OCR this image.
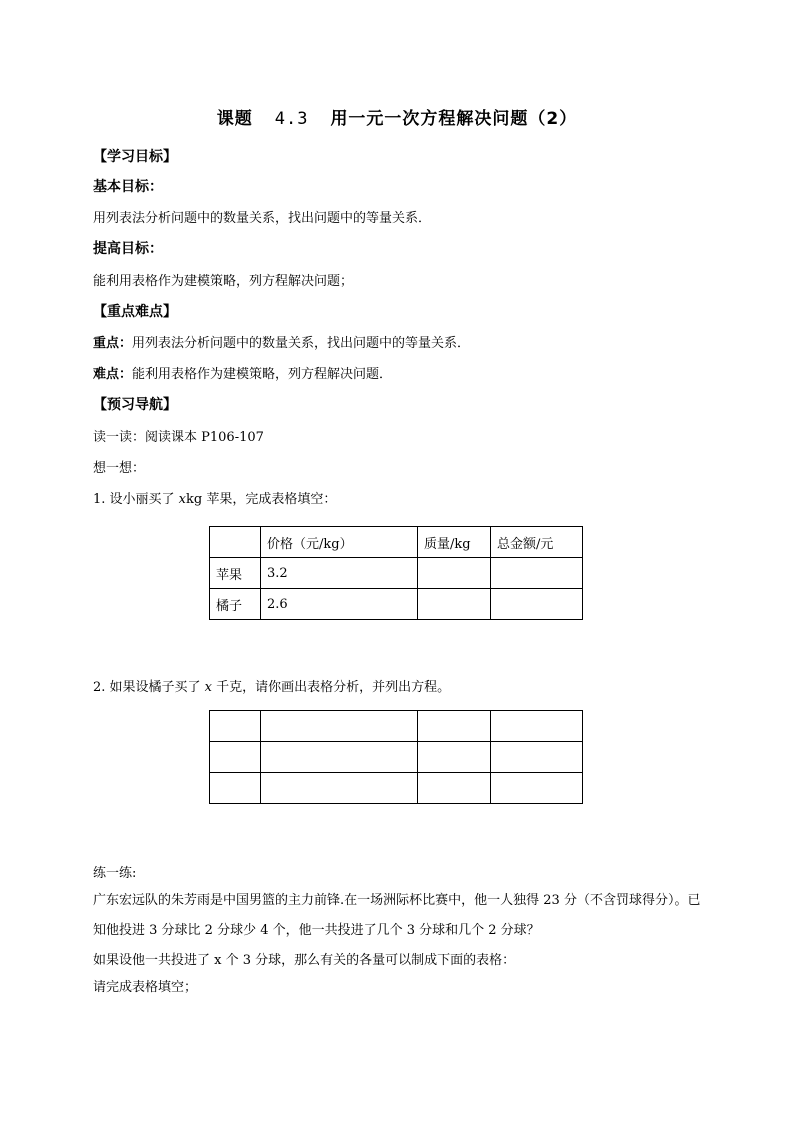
课题 4.3 用一元一次方程解决问题（2）
【学习目标】
基本目标：
用列表法分析问题中的数量关系，找出问题中的等量关系．
提高目标：
能利用表格作为建模策略，列方程解决问题；
【重点难点】
重点：用列表法分析问题中的数量关系，找出问题中的等量关系．
难点：能利用表格作为建模策略，列方程解决问题．
【预习导航】
读一读：阅读课本 P106-107
想一想：
1. 设小丽买了 xkg 苹果，完成表格填空：
	价格（元/kg）	质量/kg	总金额/元
苹果	3.2		
橘子	2.6		
2. 如果设橘子买了 x 千克，请你画出表格分析，并列出方程。

练一练:
广东宏远队的朱芳雨是中国男篮的主力前锋.在一场洲际杯比赛中，他一人独得 23 分（不含罚球得分）。已知他投进 3 分球比 2 分球少 4 个，他一共投进了几个 3 分球和几个 2 分球？
如果设他一共投进了 x 个 3 分球，那么有关的各量可以制成下面的表格：
请完成表格填空；
